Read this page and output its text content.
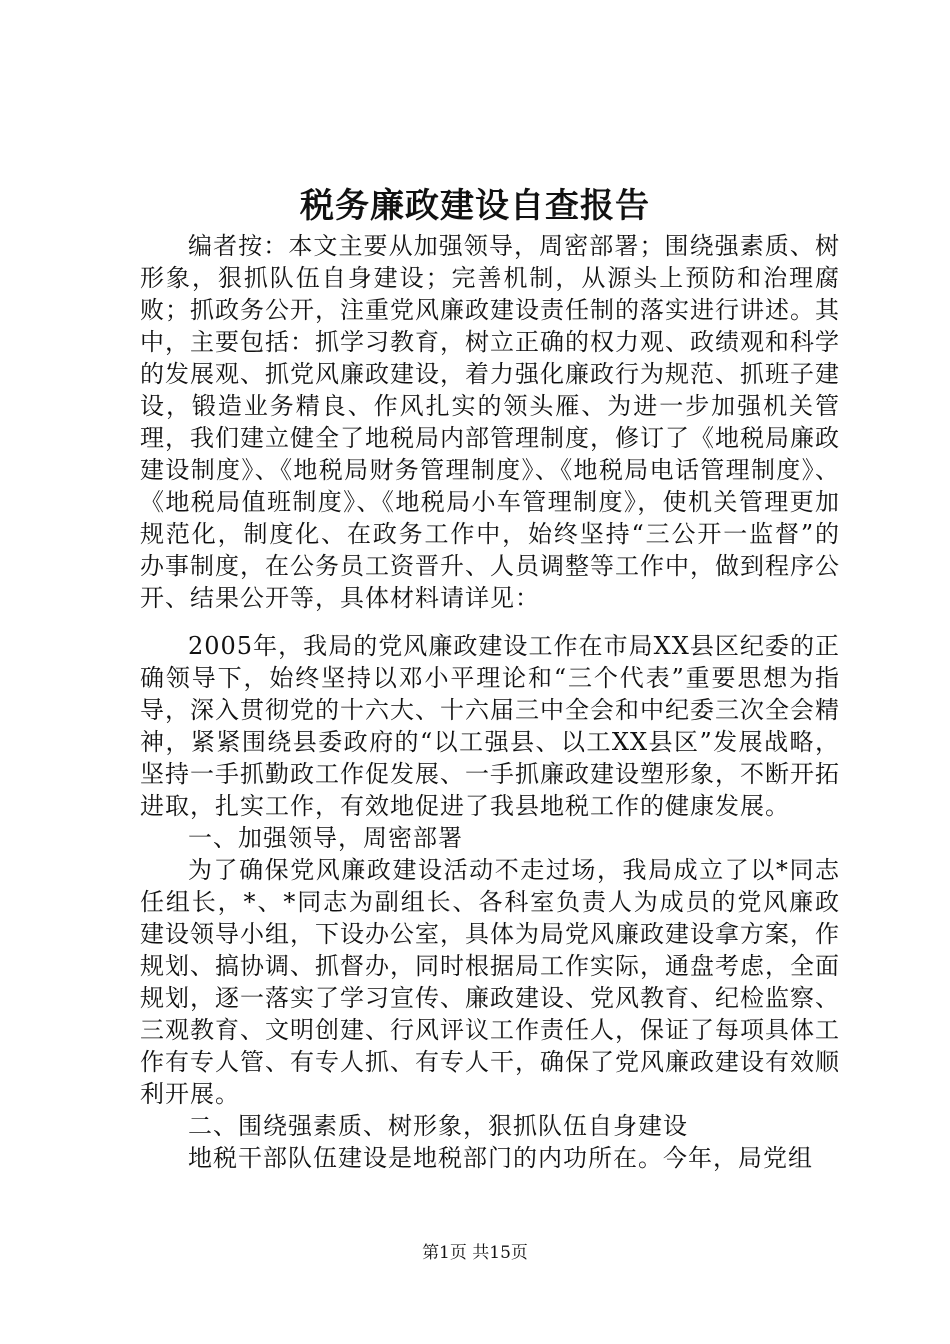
税务廉政建设自查报告

编者按：本文主要从加强领导，周密部署；围绕强素质、树形象，狠抓队伍自身建设；完善机制，从源头上预防和治理腐败；抓政务公开，注重党风廉政建设责任制的落实进行讲述。其中，主要包括：抓学习教育，树立正确的权力观、政绩观和科学的发展观、抓党风廉政建设，着力强化廉政行为规范、抓班子建设，锻造业务精良、作风扎实的领头雁、为进一步加强机关管理，我们建立健全了地税局内部管理制度，修订了《地税局廉政建设制度》、《地税局财务管理制度》、《地税局电话管理制度》、《地税局值班制度》、《地税局小车管理制度》，使机关管理更加规范化，制度化、在政务工作中，始终坚持“三公开一监督”的办事制度，在公务员工资晋升、人员调整等工作中，做到程序公开、结果公开等，具体材料请详见：

2005年，我局的党风廉政建设工作在市局XX县区纪委的正确领导下，始终坚持以邓小平理论和“三个代表”重要思想为指导，深入贯彻党的十六大、十六届三中全会和中纪委三次全会精神，紧紧围绕县委政府的“以工强县、以工XX县区”发展战略，坚持一手抓勤政工作促发展、一手抓廉政建设塑形象，不断开拓进取，扎实工作，有效地促进了我县地税工作的健康发展。

一、加强领导，周密部署

为了确保党风廉政建设活动不走过场，我局成立了以*同志任组长，*、*同志为副组长、各科室负责人为成员的党风廉政建设领导小组，下设办公室，具体为局党风廉政建设拿方案，作规划、搞协调、抓督办，同时根据局工作实际，通盘考虑，全面规划，逐一落实了学习宣传、廉政建设、党风教育、纪检监察、三观教育、文明创建、行风评议工作责任人，保证了每项具体工作有专人管、有专人抓、有专人干，确保了党风廉政建设有效顺利开展。

二、围绕强素质、树形象，狠抓队伍自身建设

地税干部队伍建设是地税部门的内功所在。今年，局党组

第1页 共15页
